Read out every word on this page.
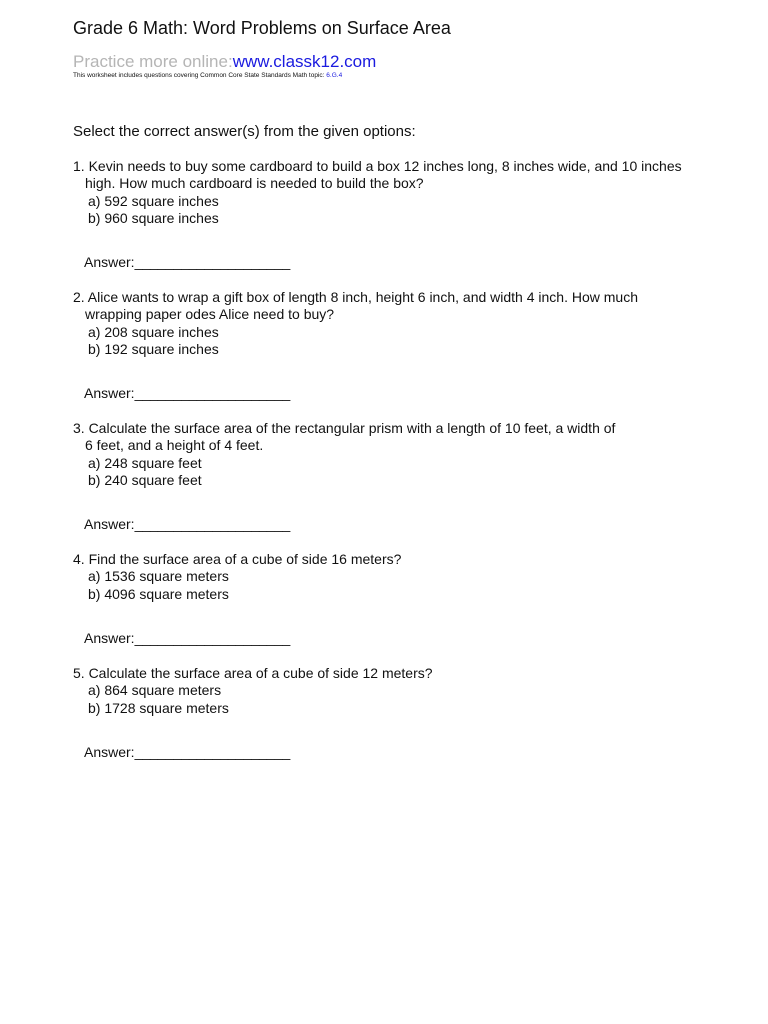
Grade 6 Math: Word Problems on Surface Area
Practice more online:www.classk12.com
This worksheet includes questions covering Common Core State Standards Math topic: 6.G.4
Select the correct answer(s) from the given options:
1. Kevin needs to buy some cardboard to build a box 12 inches long, 8 inches wide, and 10 inches
high. How much cardboard is needed to build the box?
a) 592 square inches
b) 960 square inches
Answer:____________________
2. Alice wants to wrap a gift box of length 8 inch, height 6 inch, and width 4 inch. How much
wrapping paper odes Alice need to buy?
a) 208 square inches
b) 192 square inches
Answer:____________________
3. Calculate the surface area of the rectangular prism with a length of 10 feet, a width of
6 feet, and a height of 4 feet.
a) 248 square feet
b) 240 square feet
Answer:____________________
4. Find the surface area of a cube of side 16 meters?
a) 1536 square meters
b) 4096 square meters
Answer:____________________
5. Calculate the surface area of a cube of side 12 meters?
a) 864 square meters
b) 1728 square meters
Answer:____________________
